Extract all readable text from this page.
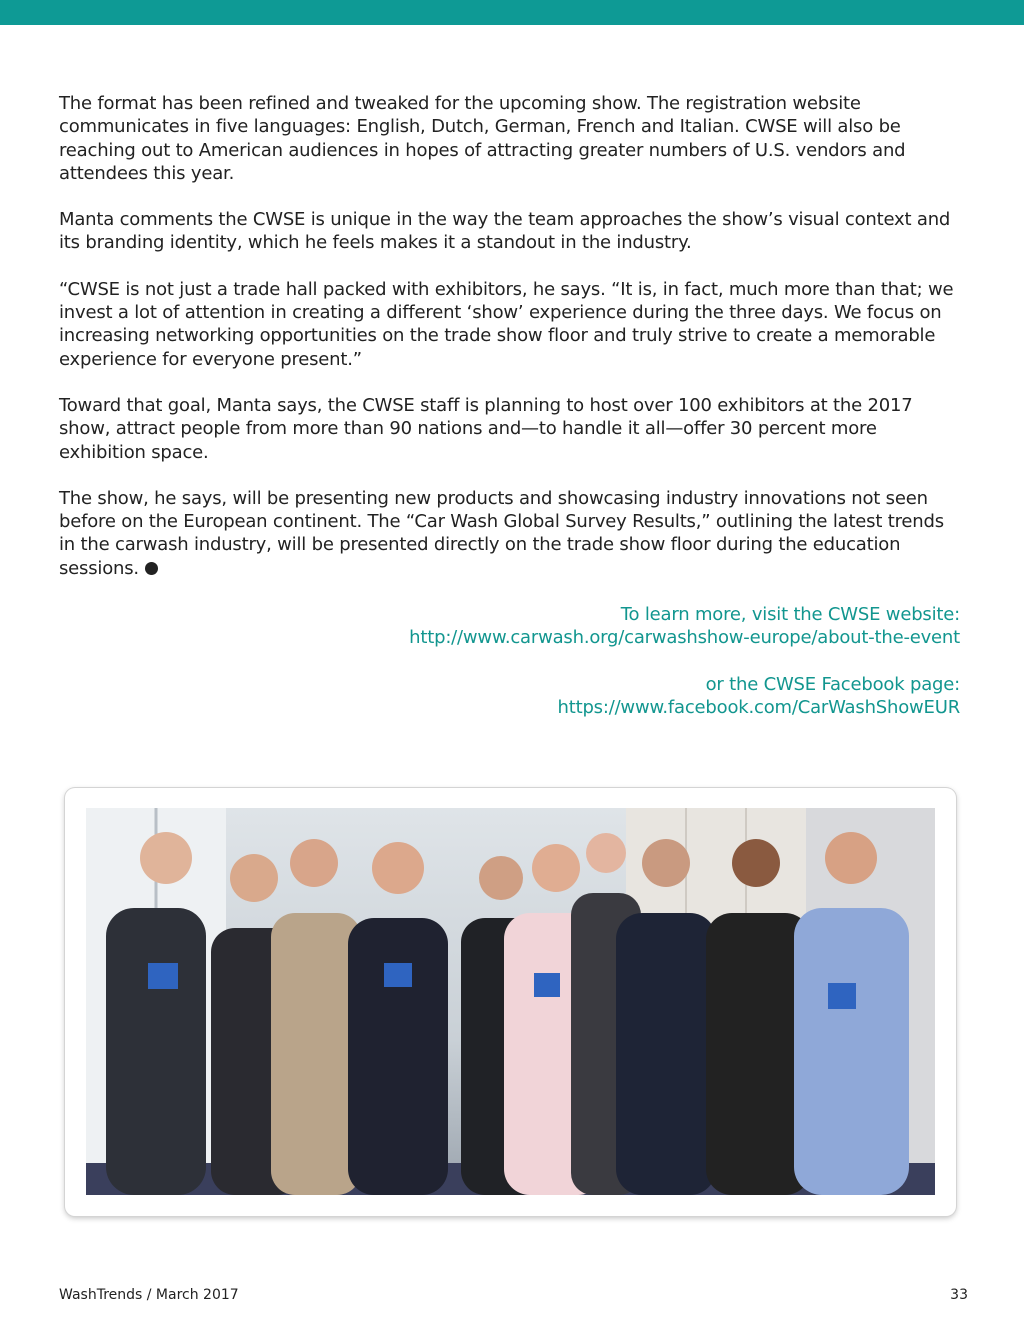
The format has been refined and tweaked for the upcoming show. The registration website communicates in five languages: English, Dutch, German, French and Italian. CWSE will also be reaching out to American audiences in hopes of attracting greater numbers of U.S. vendors and attendees this year.

Manta comments the CWSE is unique in the way the team approaches the show’s visual context and its branding identity, which he feels makes it a standout in the industry.

“CWSE is not just a trade hall packed with exhibitors, he says. “It is, in fact, much more than that; we invest a lot of attention in creating a different ‘show’ experience during the three days. We focus on increasing networking opportunities on the trade show floor and truly strive to create a memorable experience for everyone present.”

Toward that goal, Manta says, the CWSE staff is planning to host over 100 exhibitors at the 2017 show, attract people from more than 90 nations and—to handle it all—offer 30 percent more exhibition space.

The show, he says, will be presenting new products and showcasing industry innovations not seen before on the European continent. The “Car Wash Global Survey Results,” outlining the latest trends in the carwash industry, will be presented directly on the trade show floor during the education sessions.

To learn more, visit the CWSE website:
http://www.carwash.org/carwashshow-europe/about-the-event
or the CWSE Facebook page:
https://www.facebook.com/CarWashShowEUR
WashTrends / March 2017	33
